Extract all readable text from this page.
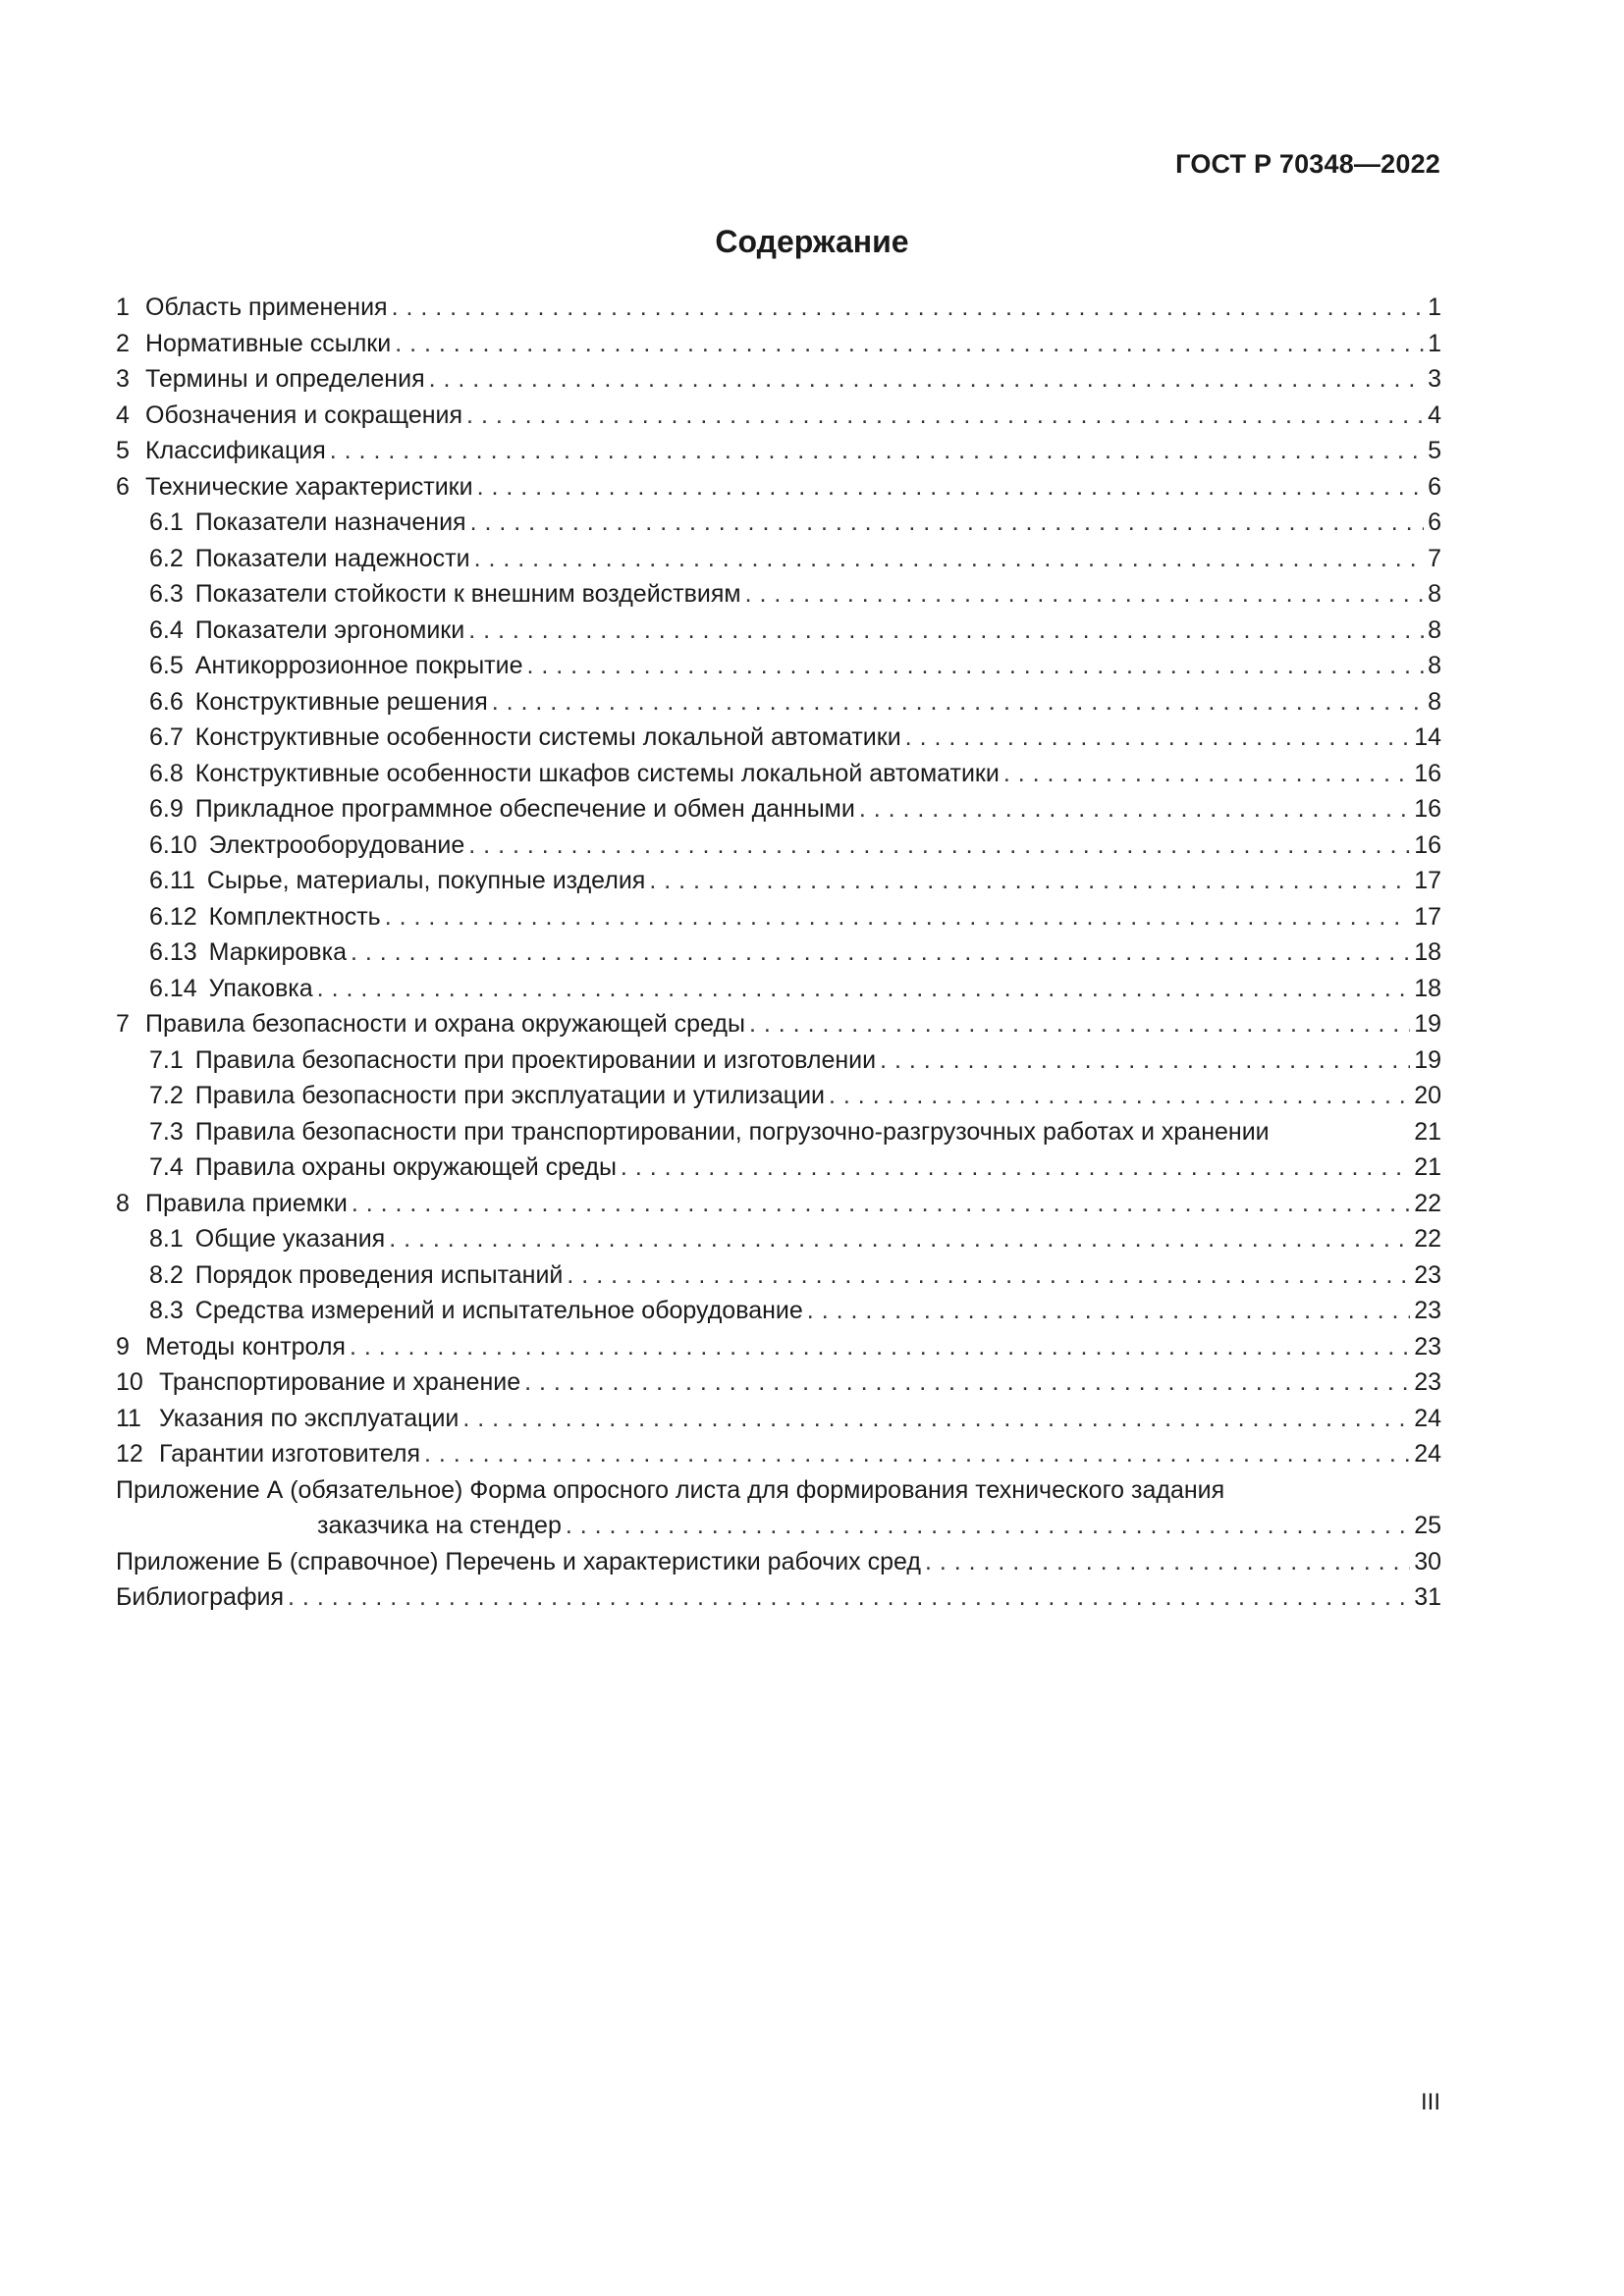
ГОСТ Р 70348—2022
Содержание
1 Область применения . . .	1
2 Нормативные ссылки . . .	1
3 Термины и определения . . .	3
4 Обозначения и сокращения . . .	4
5 Классификация . . .	5
6 Технические характеристики . . .	6
6.1 Показатели назначения . . .	6
6.2 Показатели надежности . . .	7
6.3 Показатели стойкости к внешним воздействиям . . .	8
6.4 Показатели эргономики . . .	8
6.5 Антикоррозионное покрытие . . .	8
6.6 Конструктивные решения . . .	8
6.7 Конструктивные особенности системы локальной автоматики . . .	14
6.8 Конструктивные особенности шкафов системы локальной автоматики . . .	16
6.9 Прикладное программное обеспечение и обмен данными . . .	16
6.10 Электрооборудование . . .	16
6.11 Сырье, материалы, покупные изделия . . .	17
6.12 Комплектность . . .	17
6.13 Маркировка . . .	18
6.14 Упаковка . . .	18
7 Правила безопасности и охрана окружающей среды . . .	19
7.1 Правила безопасности при проектировании и изготовлении . . .	19
7.2 Правила безопасности при эксплуатации и утилизации . . .	20
7.3 Правила безопасности при транспортировании, погрузочно-разгрузочных работах и хранении	21
7.4 Правила охраны окружающей среды . . .	21
8 Правила приемки . . .	22
8.1 Общие указания . . .	22
8.2 Порядок проведения испытаний . . .	23
8.3 Средства измерений и испытательное оборудование . . .	23
9 Методы контроля . . .	23
10 Транспортирование и хранение . . .	23
11 Указания по эксплуатации . . .	24
12 Гарантии изготовителя . . .	24
Приложение А (обязательное) Форма опросного листа для формирования технического задания
заказчика на стендер . . .	25
Приложение Б (справочное) Перечень и характеристики рабочих сред . . .	30
Библиография . . .	31
III
